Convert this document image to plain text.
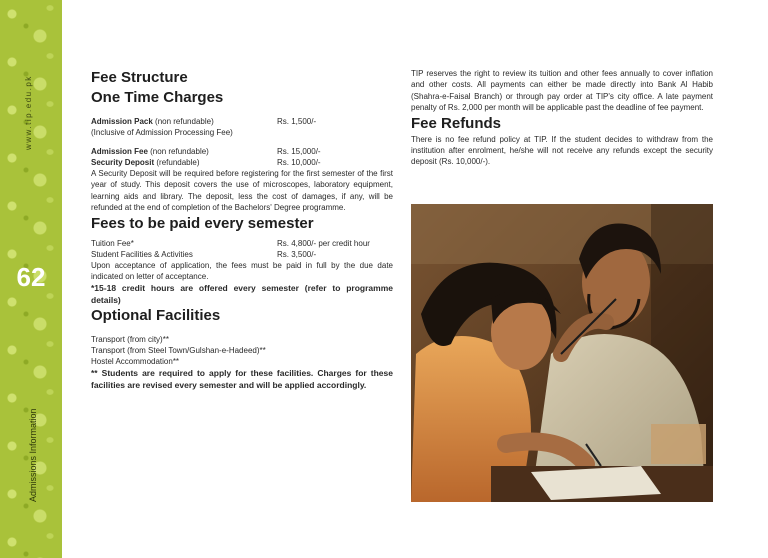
www.tip.edu.pk
62
Admissions Information
Fee Structure
One Time Charges
Admission Pack (non refundable)	Rs. 1,500/-
(Inclusive of Admission Processing Fee)
Admission Fee (non refundable)	Rs. 15,000/-
Security Deposit (refundable)	Rs. 10,000/-

A Security Deposit will be required before registering for the first semester of the first year of study. This deposit covers the use of microscopes, laboratory equipment, learning aids and library. The deposit, less the cost of damages, if any, will be refunded at the end of completion of the Bachelors' Degree programme.

Fees to be paid every semester
Tuition Fee*	Rs. 4,800/- per credit hour
Student Facilities & Activities	Rs. 3,500/-

Upon acceptance of application, the fees must be paid in full by the due date indicated on letter of acceptance.

*15-18 credit hours are offered every semester (refer to programme details)

Optional Facilities
Transport (from city)**
Transport (from Steel Town/Gulshan-e-Hadeed)**
Hostel Accommodation**

** Students are required to apply for these facilities. Charges for these facilities are revised every semester and will be applied accordingly.

TIP reserves the right to review its tuition and other fees annually to cover inflation and other costs. All payments can either be made directly into Bank Al Habib (Shahra-e-Faisal Branch) or through pay order at TIP's city office. A late payment penalty of Rs. 2,000 per month will be applicable past the deadline of fee payment.

Fee Refunds

There is no fee refund policy at TIP. If the student decides to withdraw from the institution after enrolment, he/she will not receive any refunds except the security deposit (Rs. 10,000/-).
